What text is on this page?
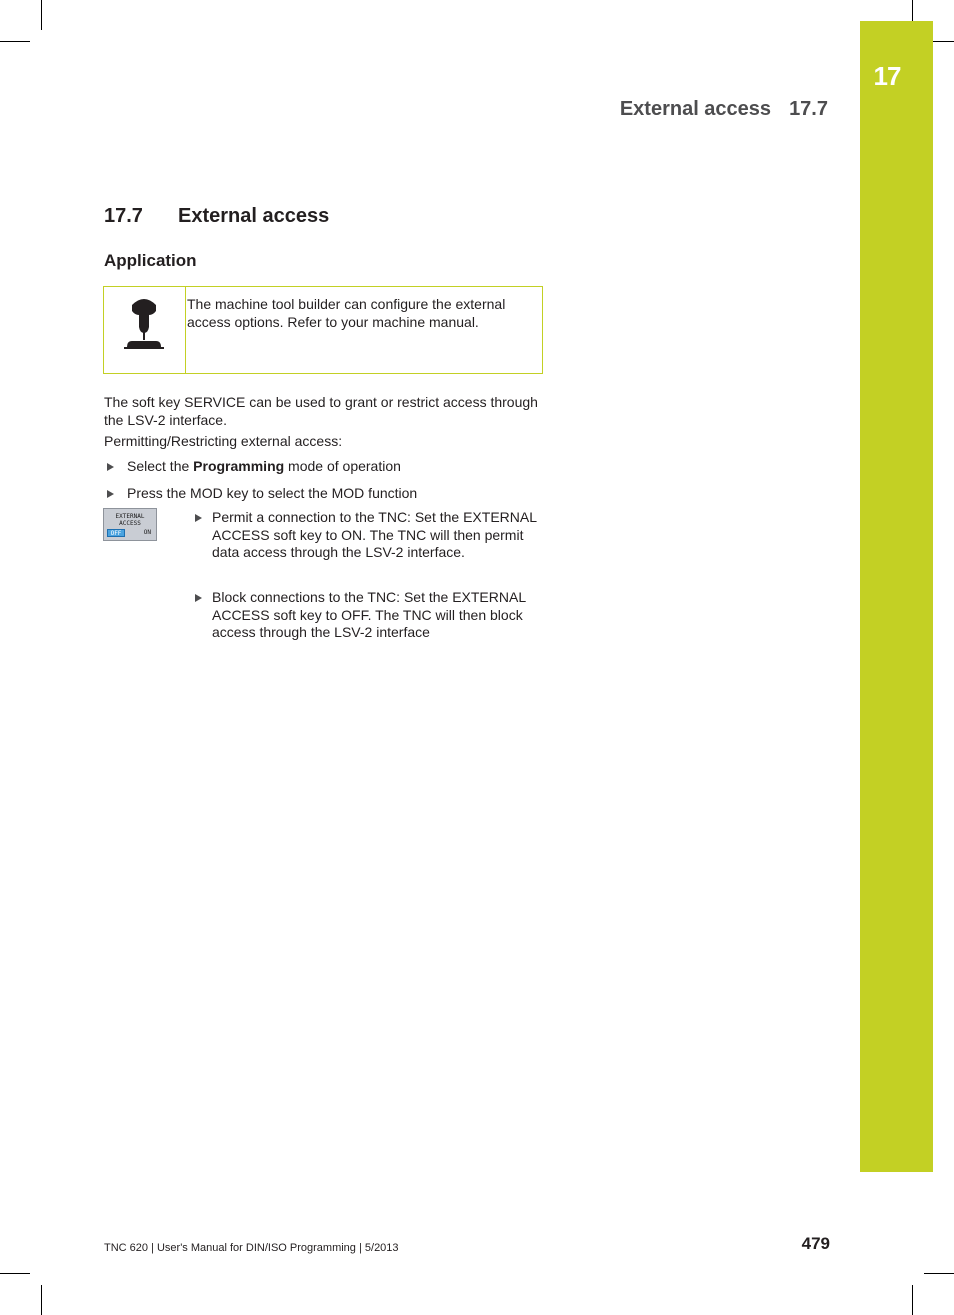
17
External access 17.7
17.7 External access
Application
The machine tool builder can configure the external access options. Refer to your machine manual.
The soft key SERVICE can be used to grant or restrict access through the LSV-2 interface.
Permitting/Restricting external access:
Select the Programming mode of operation
Press the MOD key to select the MOD function
EXTERNAL
ACCESS
OFF	ON
Permit a connection to the TNC: Set the EXTERNAL ACCESS soft key to ON. The TNC will then permit data access through the LSV-2 interface.
Block connections to the TNC: Set the EXTERNAL ACCESS soft key to OFF. The TNC will then block access through the LSV-2 interface
TNC 620 | User's Manual for DIN/ISO Programming | 5/2013	479
